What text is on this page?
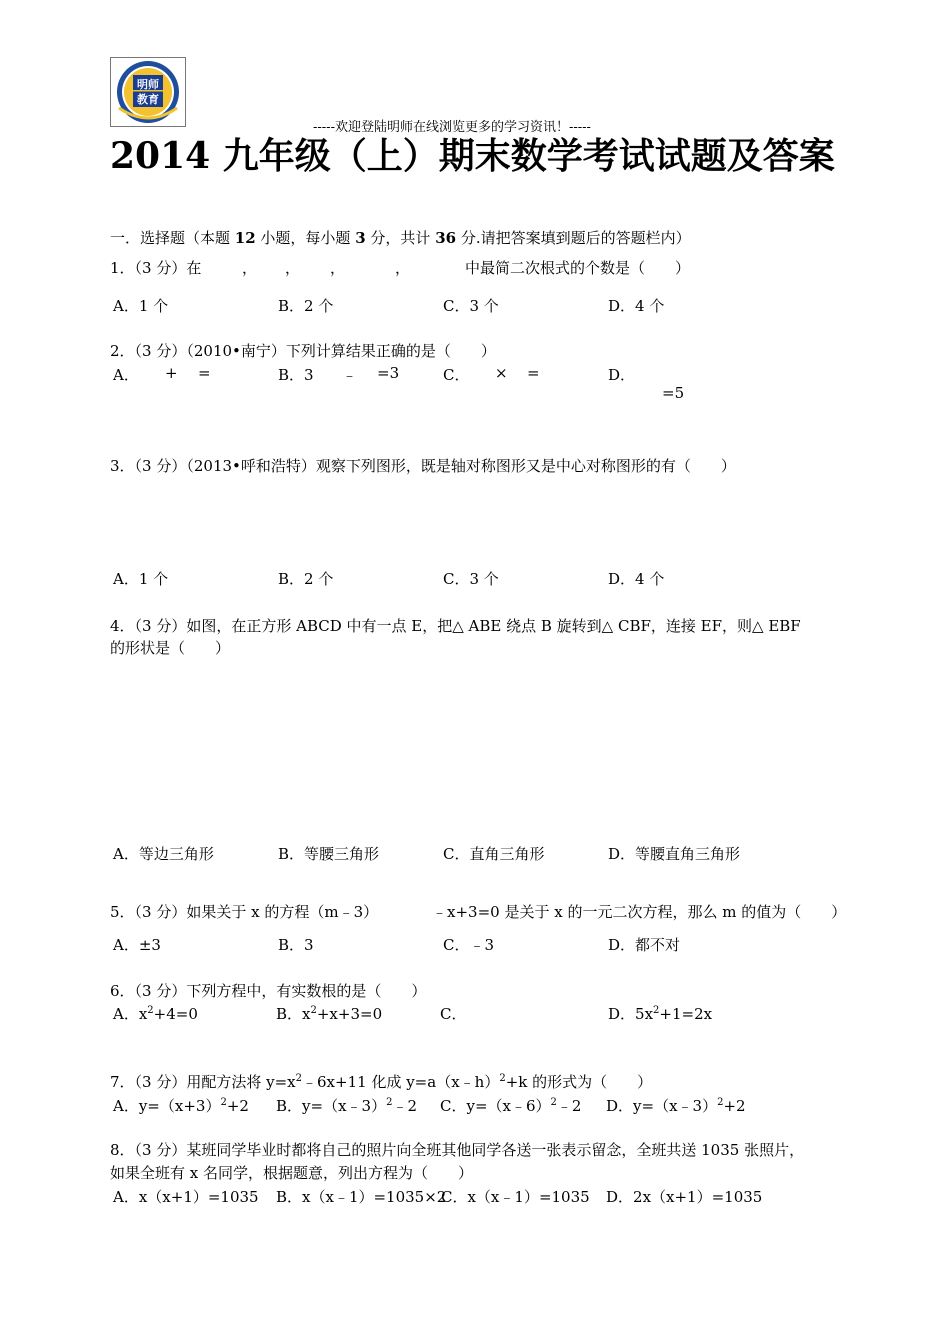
明师
教育
-----欢迎登陆明师在线浏览更多的学习资讯！-----
2014 九年级（上）期末数学考试试题及答案
一．选择题（本题 12 小题，每小题 3 分，共计 36 分.请把答案填到题后的答题栏内）
1．（3 分）在	， ， ，	，	中最简二次根式的个数是（　　）
A．1 个	B．2 个	C．3 个	D．4 个
2．（3 分）（2010•南宁）下列计算结果正确的是（　　）
A． + =	B．3 ﹣ =3	C． × =	D．
=5
3．（3 分）（2013•呼和浩特）观察下列图形，既是轴对称图形又是中心对称图形的有（　　）
A．1 个	B．2 个	C．3 个	D．4 个
4．（3 分）如图，在正方形 ABCD 中有一点 E，把△ ABE 绕点 B 旋转到△ CBF，连接 EF，则△ EBF
的形状是（　　）
A．等边三角形	B．等腰三角形	C．直角三角形	D．等腰直角三角形
5．（3 分）如果关于 x 的方程（m﹣3）	﹣x+3=0 是关于 x 的一元二次方程，那么 m 的值为（　　）
A．±3	B．3	C．﹣3	D．都不对
6．（3 分）下列方程中，有实数根的是（　　）
A．$x^2+4=0$	B．$x^2+x+3=0$	C．	D．$5x^2+1=2x$
7．（3 分）用配方法将 $y=x^2﹣6x+11$ 化成 y=a（x﹣h）$^2$+k 的形式为（　　）
A．$y=(x+3)^2+2$ B．y=（x﹣3）$^2$﹣2 C．y=（x﹣6）$^2$﹣2 D．y=（x﹣3）$^2$+2
8．（3 分）某班同学毕业时都将自己的照片向全班其他同学各送一张表示留念，全班共送 1035 张照片，
如果全班有 x 名同学，根据题意，列出方程为（　　）
A．x（x+1）=1035 B．x（x﹣1）=1035×2
C．x（x﹣1）=1035 D．2x（x+1）=1035
